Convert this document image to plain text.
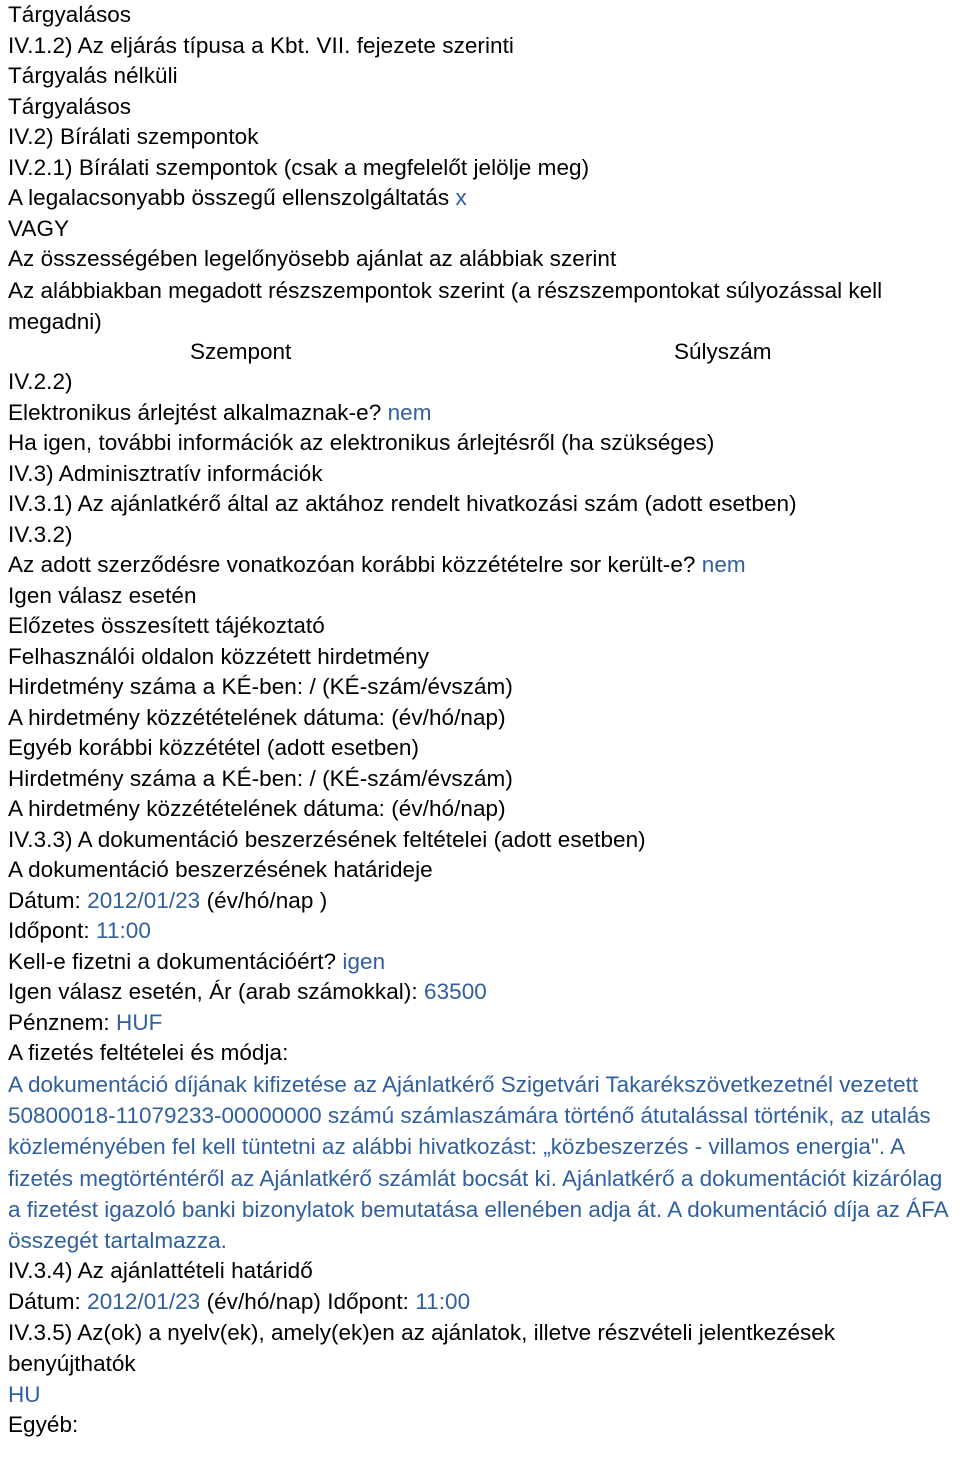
Tárgyalásos
IV.1.2) Az eljárás típusa a Kbt. VII. fejezete szerinti
Tárgyalás nélküli
Tárgyalásos
IV.2) Bírálati szempontok
IV.2.1) Bírálati szempontok (csak a megfelelőt jelölje meg)
A legalacsonyabb összegű ellenszolgáltatás x
VAGY
Az összességében legelőnyösebb ajánlat az alábbiak szerint
Az alábbiakban megadott részszempontok szerint (a részszempontokat súlyozással kell megadni)
Szempont	Súlyszám
IV.2.2)
Elektronikus árlejtést alkalmaznak-e? nem
Ha igen, további információk az elektronikus árlejtésről (ha szükséges)
IV.3) Adminisztratív információk
IV.3.1) Az ajánlatkérő által az aktához rendelt hivatkozási szám (adott esetben)
IV.3.2)
Az adott szerződésre vonatkozóan korábbi közzétételre sor került-e? nem
Igen válasz esetén
Előzetes összesített tájékoztató
Felhasználói oldalon közzétett hirdetmény
Hirdetmény száma a KÉ-ben: / (KÉ-szám/évszám)
A hirdetmény közzétételének dátuma: (év/hó/nap)
Egyéb korábbi közzététel (adott esetben)
Hirdetmény száma a KÉ-ben: / (KÉ-szám/évszám)
A hirdetmény közzétételének dátuma: (év/hó/nap)
IV.3.3) A dokumentáció beszerzésének feltételei (adott esetben)
A dokumentáció beszerzésének határideje
Dátum: 2012/01/23 (év/hó/nap )
Időpont: 11:00
Kell-e fizetni a dokumentációért? igen
Igen válasz esetén, Ár (arab számokkal): 63500
Pénznem: HUF
A fizetés feltételei és módja:
A dokumentáció díjának kifizetése az Ajánlatkérő Szigetvári Takarékszövetkezetnél vezetett 50800018-11079233-00000000 számú számlaszámára történő átutalással történik, az utalás közleményében fel kell tüntetni az alábbi hivatkozást: „közbeszerzés - villamos energia". A fizetés megtörténtéről az Ajánlatkérő számlát bocsát ki. Ajánlatkérő a dokumentációt kizárólag a fizetést igazoló banki bizonylatok bemutatása ellenében adja át. A dokumentáció díja az ÁFA összegét tartalmazza.
IV.3.4) Az ajánlattételi határidő
Dátum: 2012/01/23 (év/hó/nap) Időpont: 11:00
IV.3.5) Az(ok) a nyelv(ek), amely(ek)en az ajánlatok, illetve részvételi jelentkezések benyújthatók
HU
Egyéb:
